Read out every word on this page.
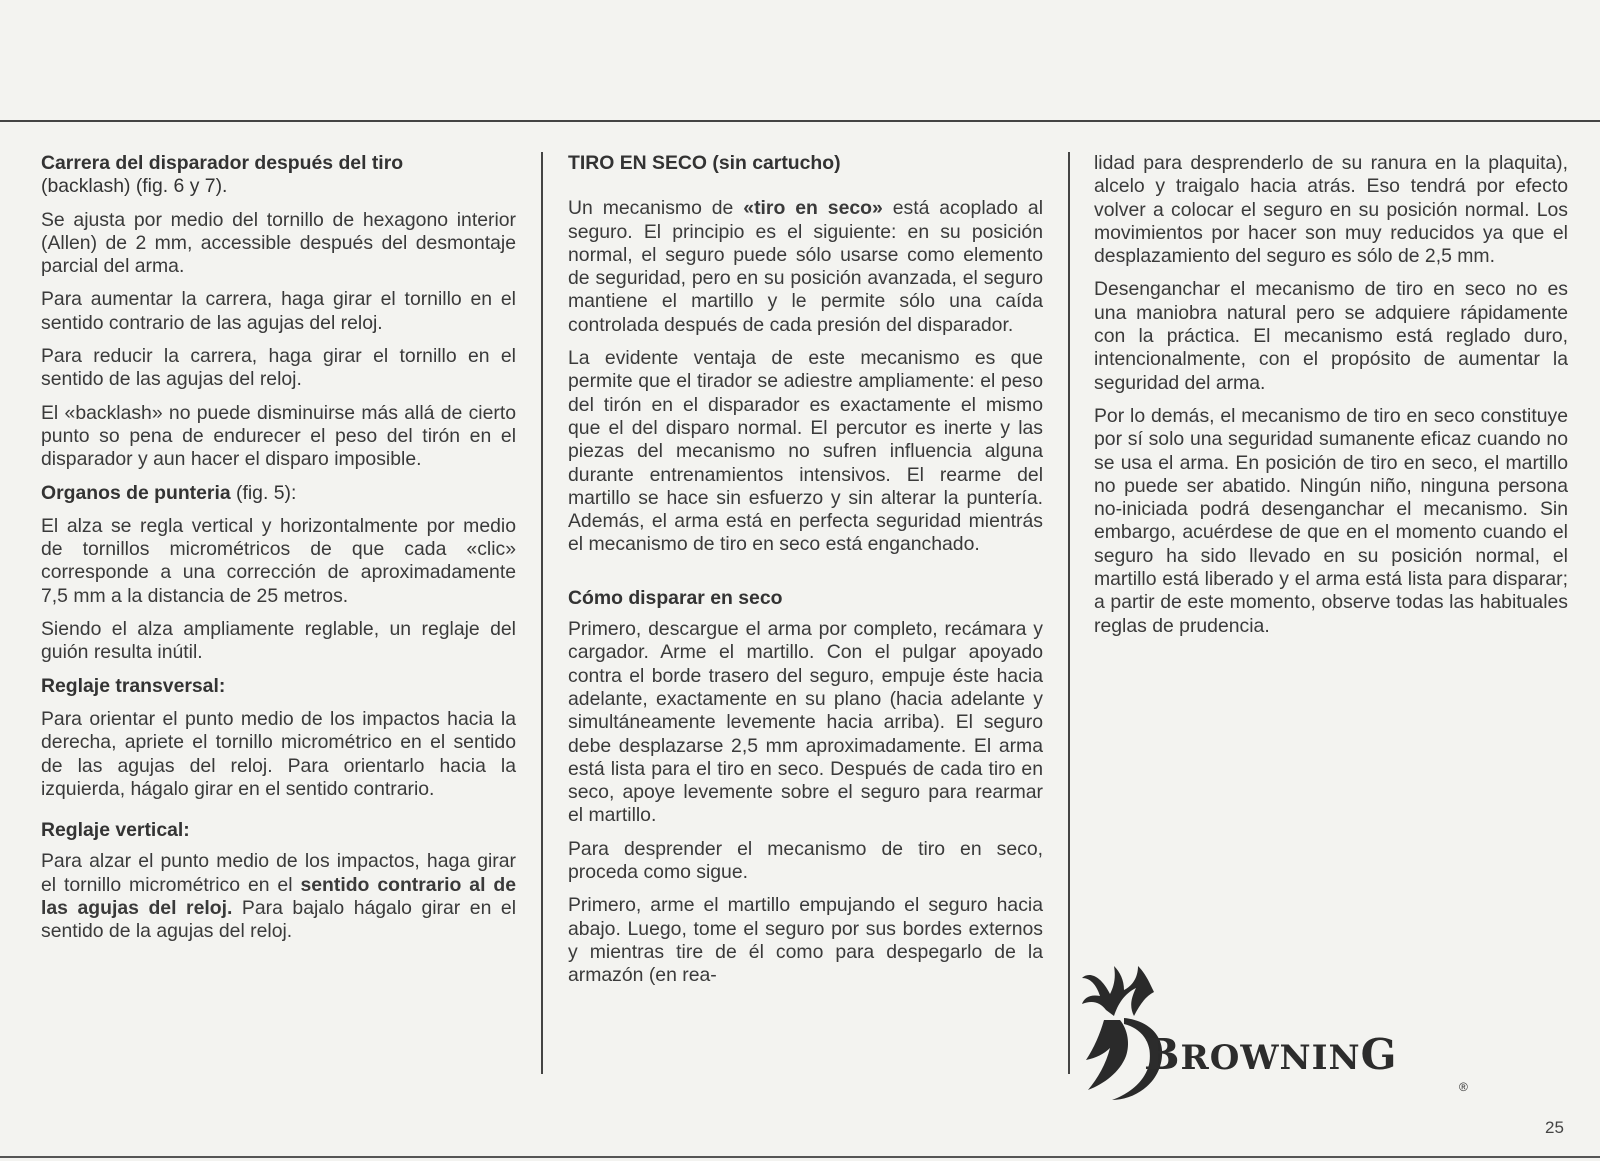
Carrera del disparador después del tiro
(backlash) (fig. 6 y 7).

Se ajusta por medio del tornillo de hexagono interior (Allen) de 2 mm, accessible después del desmontaje parcial del arma.

Para aumentar la carrera, haga girar el tornillo en el sentido contrario de las agujas del reloj.

Para reducir la carrera, haga girar el tornillo en el sentido de las agujas del reloj.

El «backlash» no puede disminuirse más allá de cierto punto so pena de endurecer el peso del tirón en el disparador y aun hacer el disparo imposible.

Organos de punteria (fig. 5):

El alza se regla vertical y horizontalmente por medio de tornillos micrométricos de que cada «clic» corresponde a una corrección de aproximadamente 7,5 mm a la distancia de 25 metros.

Siendo el alza ampliamente reglable, un reglaje del guión resulta inútil.

Reglaje transversal:

Para orientar el punto medio de los impactos hacia la derecha, apriete el tornillo micrométrico en el sentido de las agujas del reloj. Para orientarlo hacia la izquierda, hágalo girar en el sentido contrario.

Reglaje vertical:

Para alzar el punto medio de los impactos, haga girar el tornillo micrométrico en el sentido contrario al de las agujas del reloj. Para bajalo hágalo girar en el sentido de la agujas del reloj.

TIRO EN SECO (sin cartucho)

Un mecanismo de «tiro en seco» está acoplado al seguro. El principio es el siguiente: en su posición normal, el seguro puede sólo usarse como elemento de seguridad, pero en su posición avanzada, el seguro mantiene el martillo y le permite sólo una caída controlada después de cada presión del disparador.

La evidente ventaja de este mecanismo es que permite que el tirador se adiestre ampliamente: el peso del tirón en el disparador es exactamente el mismo que el del disparo normal. El percutor es inerte y las piezas del mecanismo no sufren influencia alguna durante entrenamientos intensivos. El rearme del martillo se hace sin esfuerzo y sin alterar la puntería. Además, el arma está en perfecta seguridad mientrás el mecanismo de tiro en seco está enganchado.

Cómo disparar en seco

Primero, descargue el arma por completo, recámara y cargador. Arme el martillo. Con el pulgar apoyado contra el borde trasero del seguro, empuje éste hacia adelante, exactamente en su plano (hacia adelante y simultáneamente levemente hacia arriba). El seguro debe desplazarse 2,5 mm aproximadamente. El arma está lista para el tiro en seco. Después de cada tiro en seco, apoye levemente sobre el seguro para rearmar el martillo.

Para desprender el mecanismo de tiro en seco, proceda como sigue.

Primero, arme el martillo empujando el seguro hacia abajo. Luego, tome el seguro por sus bordes externos y mientras tire de él como para despegarlo de la armazón (en rea-

lidad para desprenderlo de su ranura en la plaquita), alcelo y traigalo hacia atrás. Eso tendrá por efecto volver a colocar el seguro en su posición normal. Los movimientos por hacer son muy reducidos ya que el desplazamiento del seguro es sólo de 2,5 mm.

Desenganchar el mecanismo de tiro en seco no es una maniobra natural pero se adquiere rápidamente con la práctica. El mecanismo está reglado duro, intencionalmente, con el propósito de aumentar la seguridad del arma.

Por lo demás, el mecanismo de tiro en seco constituye por sí solo una seguridad sumanente eficaz cuando no se usa el arma. En posición de tiro en seco, el martillo no puede ser abatido. Ningún niño, ninguna persona no-iniciada podrá desenganchar el mecanismo. Sin embargo, acuérdese de que en el momento cuando el seguro ha sido llevado en su posición normal, el martillo está liberado y el arma está lista para disparar; a partir de este momento, observe todas las habituales reglas de prudencia.

BROWNING
®
25
